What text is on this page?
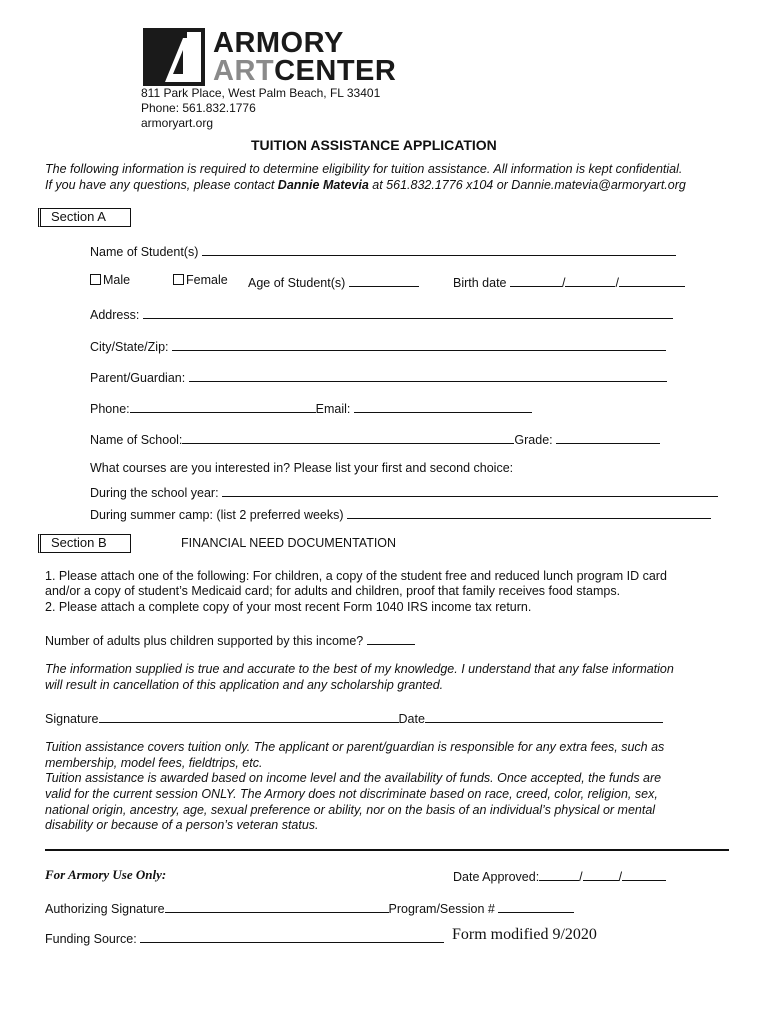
ARMORY
ARTCENTER
811 Park Place, West Palm Beach, FL 33401
Phone: 561.832.1776
armoryart.org
TUITION ASSISTANCE APPLICATION
The following information is required to determine eligibility for tuition assistance. All information is kept confidential.
If you have any questions, please contact Dannie Matevia at 561.832.1776 x104 or Dannie.matevia@armoryart.org
Section A
Name of Student(s)
Male	Female Age of Student(s)	Birth date	/	/
Address:
City/State/Zip:
Parent/Guardian:
Phone:	Email:
Name of School:	Grade:
What courses are you interested in? Please list your first and second choice:
During the school year:
During summer camp: (list 2 preferred weeks)
Section B	FINANCIAL NEED DOCUMENTATION
1. Please attach one of the following: For children, a copy of the student free and reduced lunch program ID card
and/or a copy of student’s Medicaid card; for adults and children, proof that family receives food stamps.
2. Please attach a complete copy of your most recent Form 1040 IRS income tax return.
Number of adults plus children supported by this income?
The information supplied is true and accurate to the best of my knowledge. I understand that any false information
will result in cancellation of this application and any scholarship granted.
Signature	Date
Tuition assistance covers tuition only. The applicant or parent/guardian is responsible for any extra fees, such as
membership, model fees, fieldtrips, etc.
Tuition assistance is awarded based on income level and the availability of funds. Once accepted, the funds are
valid for the current session ONLY. The Armory does not discriminate based on race, creed, color, religion, sex,
national origin, ancestry, age, sexual preference or ability, nor on the basis of an individual’s physical or mental
disability or because of a person’s veteran status.
For Armory Use Only:	Date Approved:	/	/
Authorizing Signature	Program/Session #
Funding Source:	Form modified 9/2020
